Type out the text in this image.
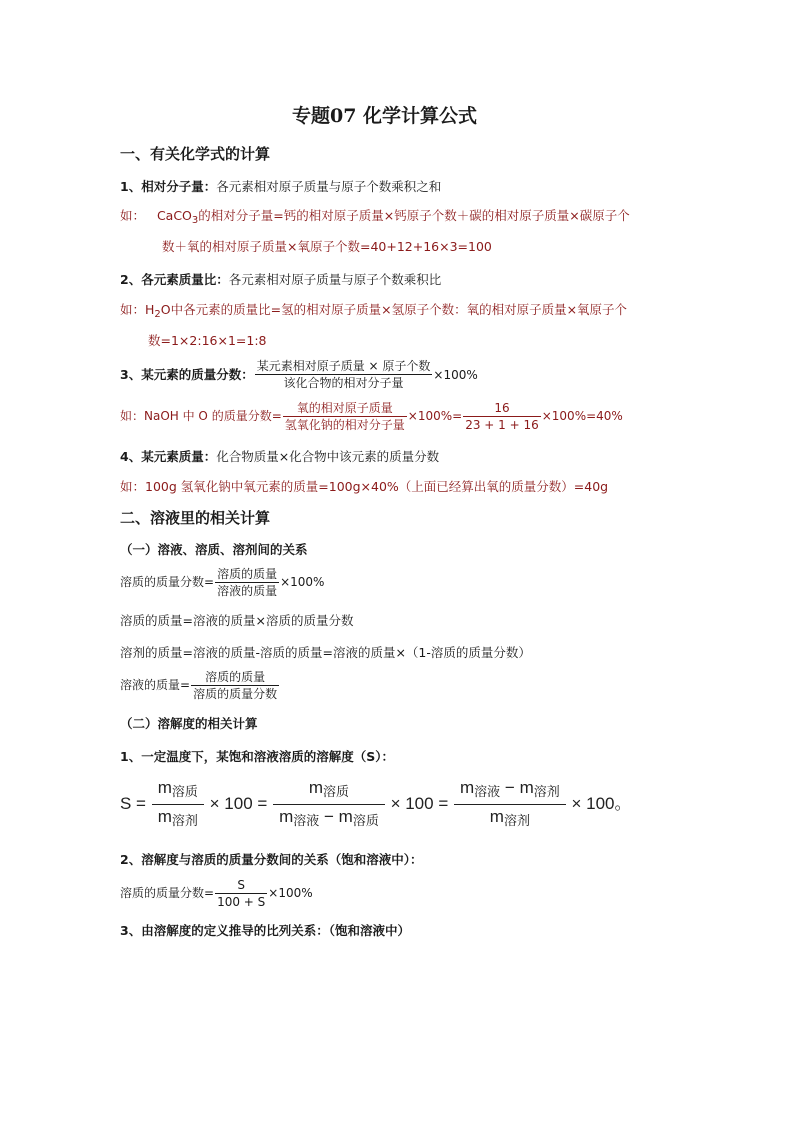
专题07 化学计算公式
一、有关化学式的计算
1、相对分子量：各元素相对原子质量与原子个数乘积之和
如： CaCO$_3$的相对分子量=钙的相对原子质量×钙原子个数＋碳的相对原子质量×碳原子个
数＋氧的相对原子质量×氧原子个数=40+12+16×3=100
2、各元素质量比：各元素相对原子质量与原子个数乘积比
如：$H_2O$中各元素的质量比=氢的相对原子质量×氢原子个数：氧的相对原子质量×氧原子个
数=1×2:16×1=1:8
3、某元素的质量分数： $\frac{\text{某元素相对原子质量 × 原子个数}}{\text{该化合物的相对分子量}} \times 100\%$
如：NaOH 中 O 的质量分数= $\frac{\text{氧的相对原子质量}}{\text{氢氧化钠的相对分子量}} \times 100\%= \frac{16}{23 + 1 + 16} \times 100\%=40\%$
4、某元素质量：化合物质量×化合物中该元素的质量分数
如：100g 氢氧化钠中氧元素的质量=100g×40%（上面已经算出氧的质量分数）=40g
二、溶液里的相关计算
（一）溶液、溶质、溶剂间的关系
溶质的质量分数= $\frac{\text{溶质的质量}}{\text{溶液的质量}} \times 100\%$
溶质的质量=溶液的质量×溶质的质量分数
溶剂的质量=溶液的质量-溶质的质量=溶液的质量×（1-溶质的质量分数）
溶液的质量= $\frac{\text{溶质的质量}}{\text{溶质的质量分数}}$
（二）溶解度的相关计算
1、一定温度下，某饱和溶液溶质的溶解度（S）：
$S = \frac{m_{溶质}}{m_{溶剂}} \times 100 = \frac{m_{溶质}}{m_{溶液} - m_{溶质}} \times 100 = \frac{m_{溶液} - m_{溶剂}}{m_{溶剂}} \times 100$。
2、溶解度与溶质的质量分数间的关系（饱和溶液中）：
溶质的质量分数= $\frac{S}{100 + S} \times 100\%$
3、由溶解度的定义推导的比列关系：（饱和溶液中）
